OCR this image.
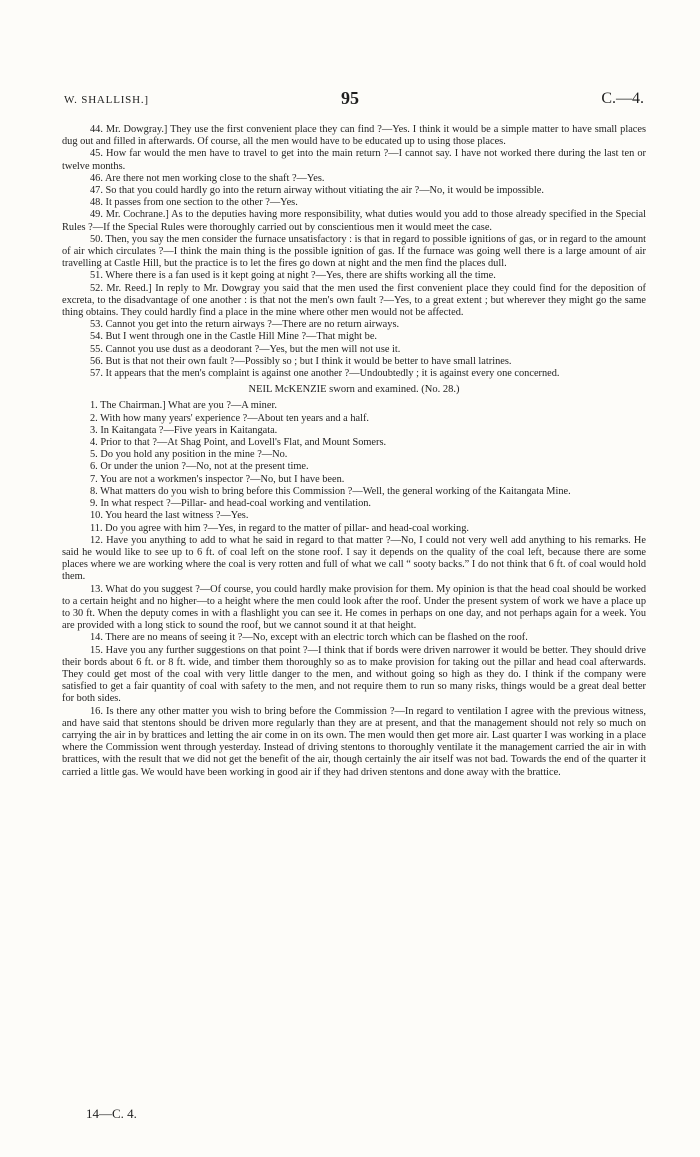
W. SHALLISH.]	95	C.—4.

44. Mr. Dowgray.] They use the first convenient place they can find ?—Yes. I think it would be a simple matter to have small places dug out and filled in afterwards. Of course, all the men would have to be educated up to using those places.

45. How far would the men have to travel to get into the main return ?—I cannot say. I have not worked there during the last ten or twelve months.

46. Are there not men working close to the shaft ?—Yes.

47. So that you could hardly go into the return airway without vitiating the air ?—No, it would be impossible.

48. It passes from one section to the other ?—Yes.

49. Mr. Cochrane.] As to the deputies having more responsibility, what duties would you add to those already specified in the Special Rules ?—If the Special Rules were thoroughly carried out by conscientious men it would meet the case.

50. Then, you say the men consider the furnace unsatisfactory : is that in regard to possible ignitions of gas, or in regard to the amount of air which circulates ?—I think the main thing is the possible ignition of gas. If the furnace was going well there is a large amount of air travelling at Castle Hill, but the practice is to let the fires go down at night and the men find the places dull.

51. Where there is a fan used is it kept going at night ?—Yes, there are shifts working all the time.

52. Mr. Reed.] In reply to Mr. Dowgray you said that the men used the first convenient place they could find for the deposition of excreta, to the disadvantage of one another : is that not the men's own fault ?—Yes, to a great extent ; but wherever they might go the same thing obtains. They could hardly find a place in the mine where other men would not be affected.

53. Cannot you get into the return airways ?—There are no return airways.

54. But I went through one in the Castle Hill Mine ?—That might be.

55. Cannot you use dust as a deodorant ?—Yes, but the men will not use it.

56. But is that not their own fault ?—Possibly so ; but I think it would be better to have small latrines.

57. It appears that the men's complaint is against one another ?—Undoubtedly ; it is against every one concerned.

NEIL McKENZIE sworn and examined. (No. 28.)

1. The Chairman.] What are you ?—A miner.

2. With how many years' experience ?—About ten years and a half.

3. In Kaitangata ?—Five years in Kaitangata.

4. Prior to that ?—At Shag Point, and Lovell's Flat, and Mount Somers.

5. Do you hold any position in the mine ?—No.

6. Or under the union ?—No, not at the present time.

7. You are not a workmen's inspector ?—No, but I have been.

8. What matters do you wish to bring before this Commission ?—Well, the general working of the Kaitangata Mine.

9. In what respect ?—Pillar- and head-coal working and ventilation.

10. You heard the last witness ?—Yes.

11. Do you agree with him ?—Yes, in regard to the matter of pillar- and head-coal working.

12. Have you anything to add to what he said in regard to that matter ?—No, I could not very well add anything to his remarks. He said he would like to see up to 6 ft. of coal left on the stone roof. I say it depends on the quality of the coal left, because there are some places where we are working where the coal is very rotten and full of what we call “ sooty backs.” I do not think that 6 ft. of coal would hold them.

13. What do you suggest ?—Of course, you could hardly make provision for them. My opinion is that the head coal should be worked to a certain height and no higher—to a height where the men could look after the roof. Under the present system of work we have a place up to 30 ft. When the deputy comes in with a flashlight you can see it. He comes in perhaps on one day, and not perhaps again for a week. You are provided with a long stick to sound the roof, but we cannot sound it at that height.

14. There are no means of seeing it ?—No, except with an electric torch which can be flashed on the roof.

15. Have you any further suggestions on that point ?—I think that if bords were driven narrower it would be better. They should drive their bords about 6 ft. or 8 ft. wide, and timber them thoroughly so as to make provision for taking out the pillar and head coal afterwards. They could get most of the coal with very little danger to the men, and without going so high as they do. I think if the company were satisfied to get a fair quantity of coal with safety to the men, and not require them to run so many risks, things would be a great deal better for both sides.

16. Is there any other matter you wish to bring before the Commission ?—In regard to ventilation I agree with the previous witness, and have said that stentons should be driven more regularly than they are at present, and that the management should not rely so much on carrying the air in by brattices and letting the air come in on its own. The men would then get more air. Last quarter I was working in a place where the Commission went through yesterday. Instead of driving stentons to thoroughly ventilate it the management carried the air in with brattices, with the result that we did not get the benefit of the air, though certainly the air itself was not bad. Towards the end of the quarter it carried a little gas. We would have been working in good air if they had driven stentons and done away with the brattice.

14—C. 4.
